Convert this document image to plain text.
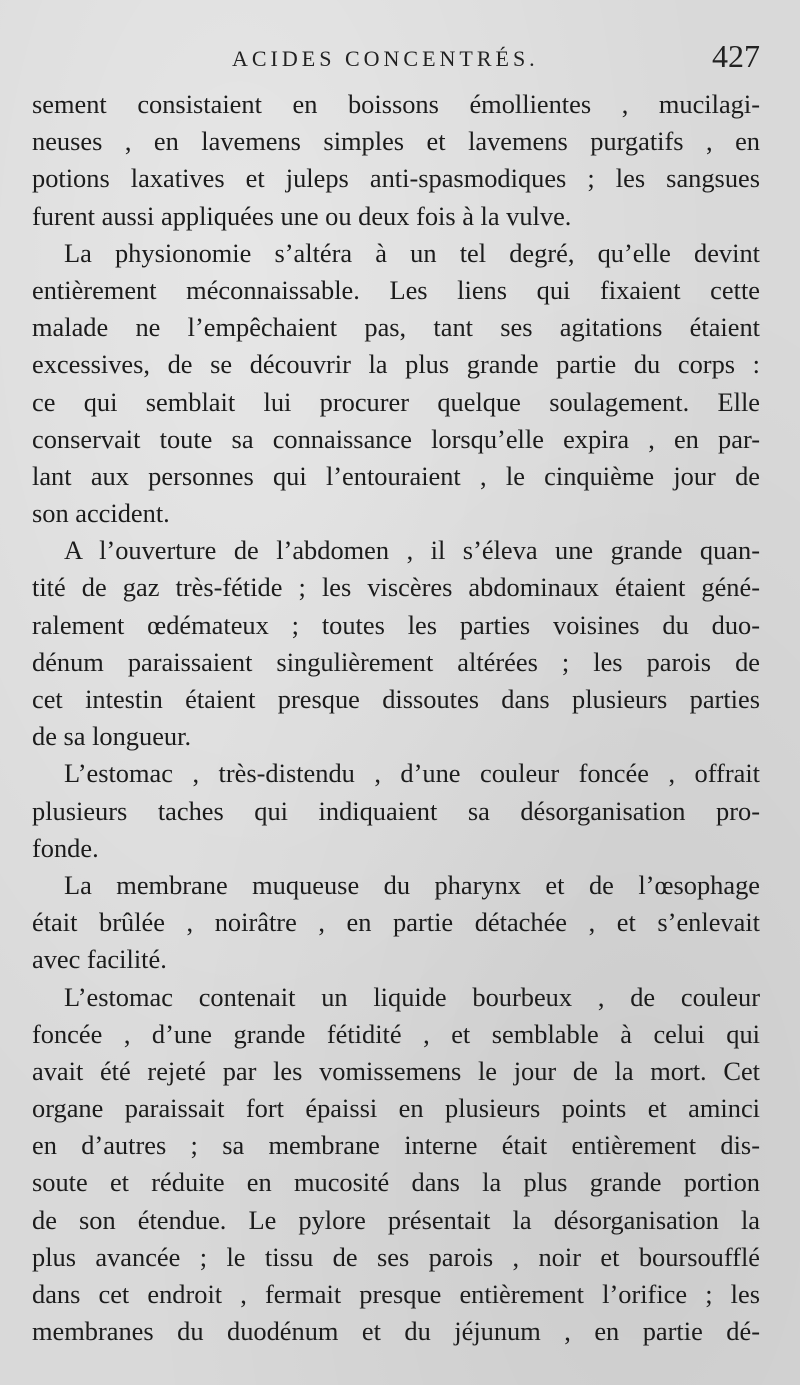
ACIDES CONCENTRÉS.	427
sement consistaient en boissons émollientes , mucilagi-
neuses , en lavemens simples et lavemens purgatifs , en
potions laxatives et juleps anti-spasmodiques ; les sangsues
furent aussi appliquées une ou deux fois à la vulve.
La physionomie s’altéra à un tel degré, qu’elle devint
entièrement méconnaissable. Les liens qui fixaient cette
malade ne l’empêchaient pas, tant ses agitations étaient
excessives, de se découvrir la plus grande partie du corps :
ce qui semblait lui procurer quelque soulagement. Elle
conservait toute sa connaissance lorsqu’elle expira , en par-
lant aux personnes qui l’entouraient , le cinquième jour de
son accident.
A l’ouverture de l’abdomen , il s’éleva une grande quan-
tité de gaz très-fétide ; les viscères abdominaux étaient géné-
ralement œdémateux ; toutes les parties voisines du duo-
dénum paraissaient singulièrement altérées ; les parois de
cet intestin étaient presque dissoutes dans plusieurs parties
de sa longueur.
L’estomac , très-distendu , d’une couleur foncée , offrait
plusieurs taches qui indiquaient sa désorganisation pro-
fonde.
La membrane muqueuse du pharynx et de l’œsophage
était brûlée , noirâtre , en partie détachée , et s’enlevait
avec facilité.
L’estomac contenait un liquide bourbeux , de couleur
foncée , d’une grande fétidité , et semblable à celui qui
avait été rejeté par les vomissemens le jour de la mort. Cet
organe paraissait fort épaissi en plusieurs points et aminci
en d’autres ; sa membrane interne était entièrement dis-
soute et réduite en mucosité dans la plus grande portion
de son étendue. Le pylore présentait la désorganisation la
plus avancée ; le tissu de ses parois , noir et boursoufflé
dans cet endroit , fermait presque entièrement l’orifice ; les
membranes du duodénum et du jéjunum , en partie dé-
